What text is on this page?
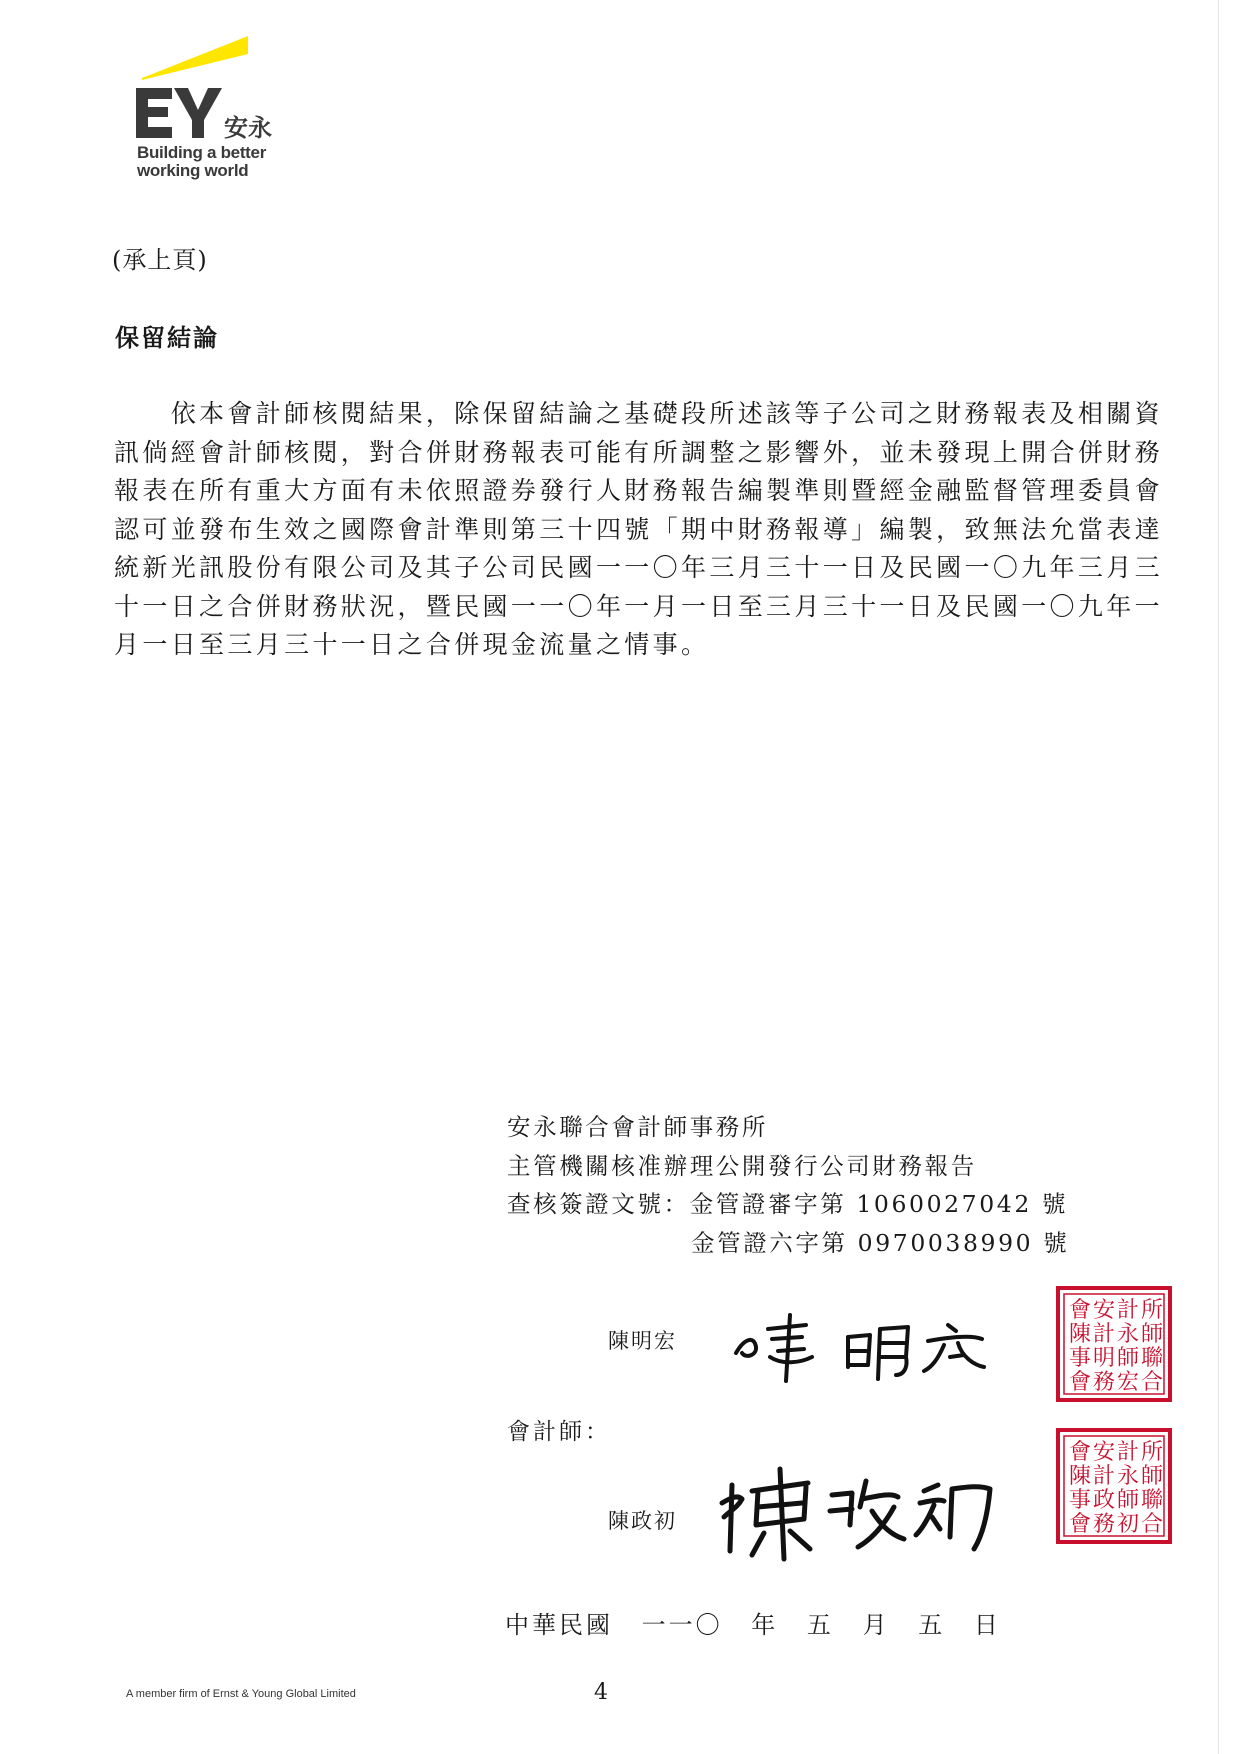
安永
Building a better
working world
(承上頁)
保留結論
　　依本會計師核閱結果，除保留結論之基礎段所述該等子公司之財務報表及相關資
訊倘經會計師核閱，對合併財務報表可能有所調整之影響外，並未發現上開合併財務
報表在所有重大方面有未依照證券發行人財務報告編製準則暨經金融監督管理委員會
認可並發布生效之國際會計準則第三十四號「期中財務報導」編製，致無法允當表達
統新光訊股份有限公司及其子公司民國一一〇年三月三十一日及民國一〇九年三月三
十一日之合併財務狀況，暨民國一一〇年一月一日至三月三十一日及民國一〇九年一
月一日至三月三十一日之合併現金流量之情事。
安永聯合會計師事務所
主管機關核准辦理公開發行公司財務報告
查核簽證文號：金管證審字第 1060027042 號
金管證六字第 0970038990 號
陳明宏
會計師：
陳政初
會
陳
事
會
安
計
明
務
計
永
師
宏
所
師
聯
合
會
陳
事
會
安
計
政
務
計
永
師
初
所
師
聯
合
中華民國 一一〇 年 五 月 五 日
A member firm of Ernst & Young Global Limited	4
